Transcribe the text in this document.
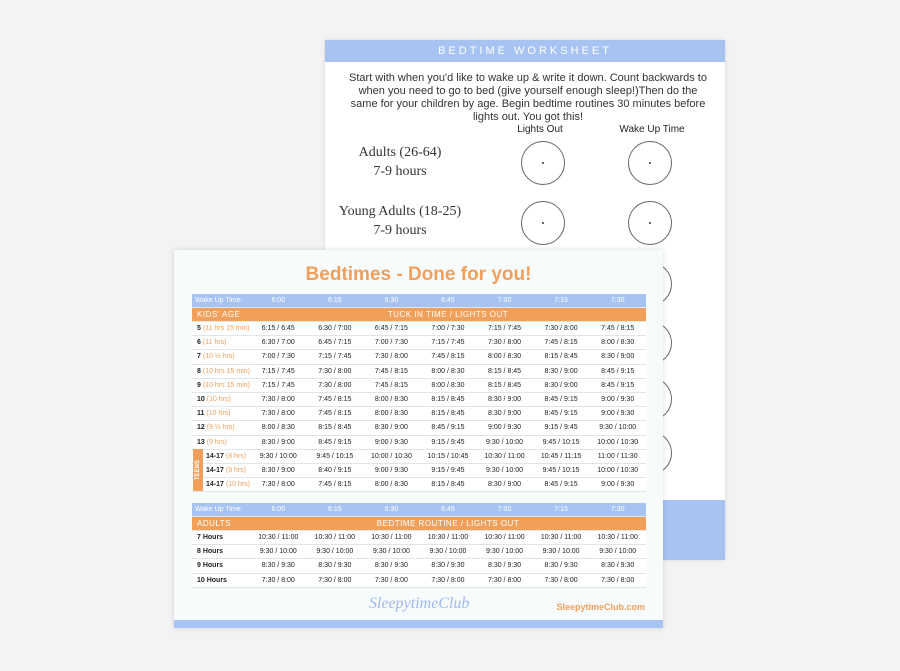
BEDTIME WORKSHEET
Start with when you'd like to wake up & write it down. Count backwards to when you need to go to bed (give yourself enough sleep!)Then do the same for your children by age. Begin bedtime routines 30 minutes before lights out. You got this!
Lights Out	Wake Up Time
Adults (26-64)
7-9 hours
Young Adults (18-25)
7-9 hours
Bedtimes - Done for you!
Wake Up Time:	6:00	6:15	6:30	6:45	7:00	7:15	7:30
KIDS' AGE	TUCK IN TIME / LIGHTS OUT						
5 (11 hrs 15 min)	6:15 / 6:45	6:30 / 7:00	6:45 / 7:15	7:00 / 7:30	7:15 / 7:45	7:30 / 8:00	7:45 / 8:15
6 (11 hrs)	6:30 / 7:00	6:45 / 7:15	7:00 / 7:30	7:15 / 7:45	7:30 / 8:00	7:45 / 8:15	8:00 / 8:30
7 (10 ½ hrs)	7:00 / 7:30	7:15 / 7:45	7:30 / 8:00	7:45 / 8:15	8:00 / 8:30	8:15 / 8:45	8:30 / 9:00
8 (10 hrs 15 min)	7:15 / 7:45	7:30 / 8:00	7:45 / 8:15	8:00 / 8:30	8:15 / 8:45	8:30 / 9:00	8:45 / 9:15
9 (10 hrs 15 min)	7:15 / 7:45	7:30 / 8:00	7:45 / 8:15	8:00 / 8:30	8:15 / 8:45	8:30 / 9:00	8:45 / 9:15
10 (10 hrs)	7:30 / 8:00	7:45 / 8:15	8:00 / 8:30	8:15 / 8:45	8:30 / 9:00	8:45 / 9:15	9:00 / 9:30
11 (10 hrs)	7:30 / 8:00	7:45 / 8:15	8:00 / 8:30	8:15 / 8:45	8:30 / 9:00	8:45 / 9:15	9:00 / 9:30
12 (9 ½ hrs)	8:00 / 8:30	8:15 / 8:45	8:30 / 9:00	8:45 / 9:15	9:00 / 9:30	9:15 / 9:45	9:30 / 10:00
13 (9 hrs)	8:30 / 9:00	8:45 / 9:15	9:00 / 9:30	9:15 / 9:45	9:30 / 10:00	9:45 / 10:15	10:00 / 10:30
14-17 (8 hrs)	9:30 / 10:00	9:45 / 10:15	10:00 / 10:30	10:15 / 10:45	10:30 / 11:00	10:45 / 11:15	11:00 / 11:30
14-17 (9 hrs)	8:30 / 9:00	8:40 / 9:15	9:00 / 9:30	9:15 / 9:45	9:30 / 10:00	9:45 / 10:15	10:00 / 10:30
14-17 (10 hrs)	7:30 / 8:00	7:45 / 8:15	8:00 / 8:30	8:15 / 8:45	8:30 / 9:00	8:45 / 9:15	9:00 / 9:30
TEENS
Wake Up Time:	6:00	6:15	6:30	6:45	7:00	7:15	7:30
ADULTS	BEDTIME ROUTINE / LIGHTS OUT						
7 Hours	10:30 / 11:00	10:30 / 11:00	10:30 / 11:00	10:30 / 11:00	10:30 / 11:00	10:30 / 11:00	10:30 / 11:00
8 Hours	9:30 / 10:00	9:30 / 10:00	9:30 / 10:00	9:30 / 10:00	9:30 / 10:00	9:30 / 10:00	9:30 / 10:00
9 Hours	8:30 / 9:30	8:30 / 9:30	8:30 / 9:30	8:30 / 9:30	8:30 / 9:30	8:30 / 9:30	8:30 / 9:30
10 Hours	7:30 / 8:00	7:30 / 8:00	7:30 / 8:00	7:30 / 8:00	7:30 / 8:00	7:30 / 8:00	7:30 / 8:00
SleepytimeClub	SleepytimeClub.com
